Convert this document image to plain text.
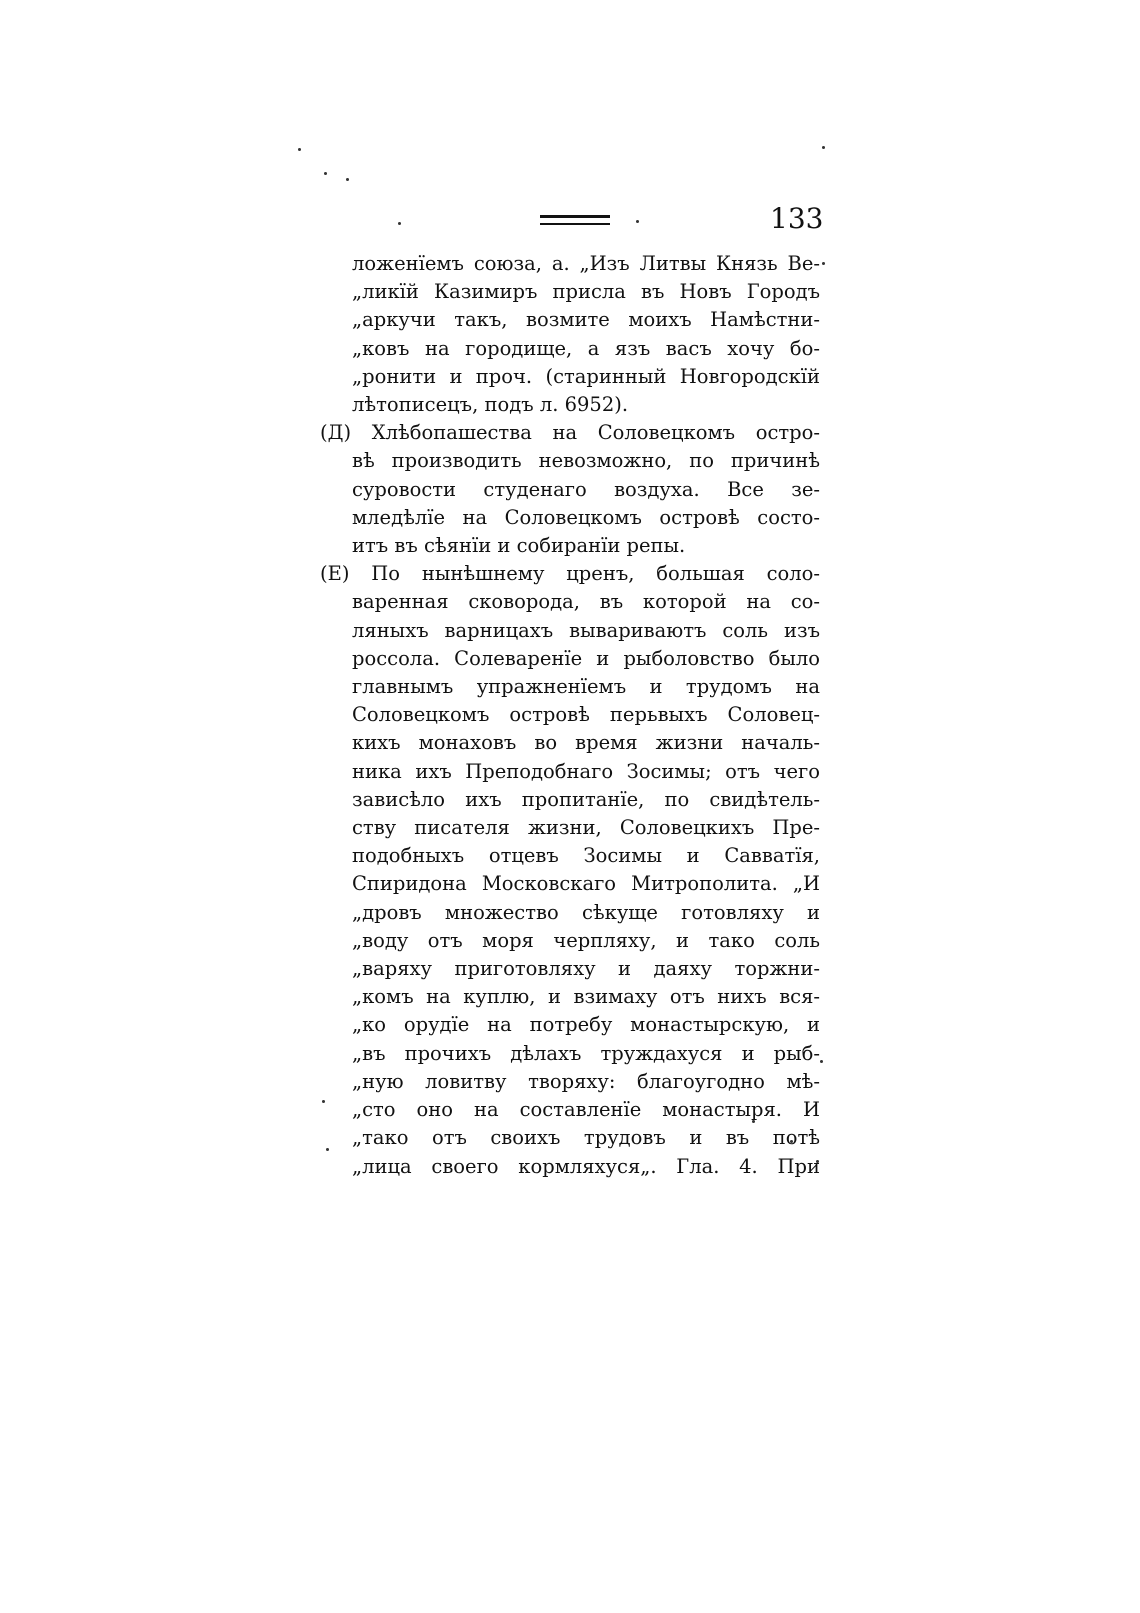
133
ложенïемъ союза, а. „Изъ Литвы Князь Ве-
„ликïй Казимиръ присла въ Новъ Городъ
„аркучи такъ, возмите моихъ Намѣстни-
„ковъ на городище, а язъ васъ хочу бо-
„ронити и проч. (старинный Новгородскïй
лѣтописецъ, подъ л. 6952).
(Д) Хлѣбопашества на Соловецкомъ остро-
вѣ производить невозможно, по причинѣ
суровости студенаго воздуха. Все зе-
мледѣлïе на Соловецкомъ островѣ состо-
итъ въ сѣянïи и собиранïи репы.
(Е) По нынѣшнему цренъ, большая соло-
варенная сковорода, въ которой на со-
ляныхъ варницахъ вывариваютъ соль изъ
россола. Солеваренïе и рыболовство было
главнымъ упражненïемъ и трудомъ на
Соловецкомъ островѣ перьвыхъ Соловец-
кихъ монаховъ во время жизни началь-
ника ихъ Преподобнаго Зосимы; отъ чего
зависѣло ихъ пропитанïе, по свидѣтель-
ству писателя жизни, Соловецкихъ Пре-
подобныхъ отцевъ Зосимы и Савватïя,
Спиридона Московскаго Митрополита. „И
„дровъ множество сѣкуще готовляху и
„воду отъ моря черпляху, и тако соль
„варяху приготовляху и даяху торжни-
„комъ на куплю, и взимаху отъ нихъ вся-
„ко орудïе на потребу монастырскую, и
„въ прочихъ дѣлахъ труждахуся и рыб-
„ную ловитву творяху: благоугодно мѣ-
„сто оно на составленïе монастыря. И
„тако отъ своихъ трудовъ и въ потѣ
„лица своего кормляхуся„. Гла. 4. При
